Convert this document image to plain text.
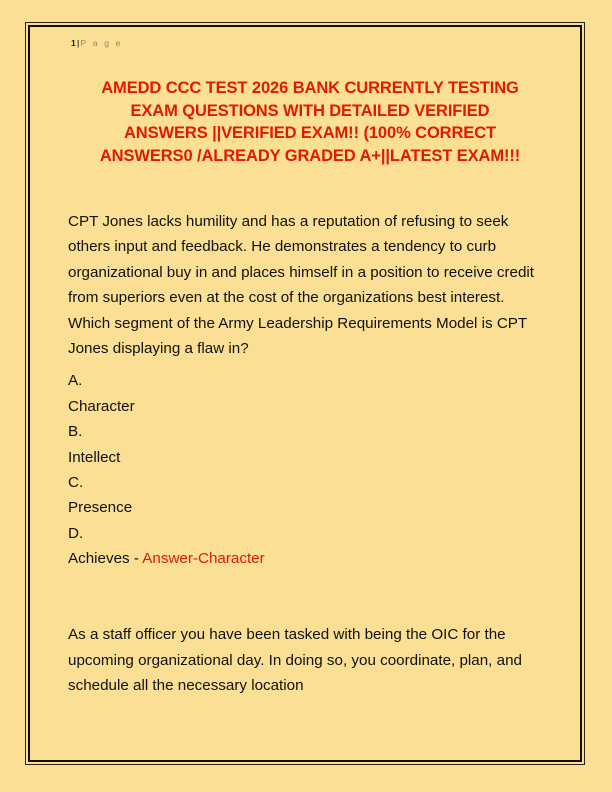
1|P a g e
AMEDD CCC TEST 2026 BANK CURRENTLY TESTING
EXAM QUESTIONS WITH DETAILED VERIFIED
ANSWERS ||VERIFIED EXAM!! (100% CORRECT
ANSWERS0 /ALREADY GRADED A+||LATEST EXAM!!!

CPT Jones lacks humility and has a reputation of refusing to seek others input and feedback. He demonstrates a tendency to curb organizational buy in and places himself in a position to receive credit from superiors even at the cost of the organizations best interest. Which segment of the Army Leadership Requirements Model is CPT Jones displaying a flaw in?

A.

Character

B.

Intellect

C.

Presence

D.

Achieves - Answer-Character

As a staff officer you have been tasked with being the OIC for the upcoming organizational day. In doing so, you coordinate, plan, and schedule all the necessary location
